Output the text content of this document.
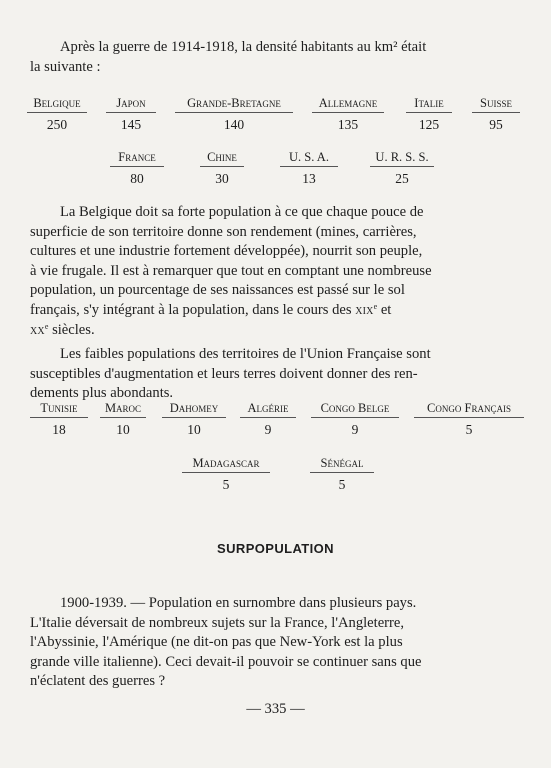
Après la guerre de 1914-1918, la densité habitants au km² était
la suivante :
Belgique
250
Japon
145
Grande-Bretagne
140
Allemagne
135
Italie
125
Suisse
95
France
80
Chine
30
U. S. A.
13
U. R. S. S.
25
La Belgique doit sa forte population à ce que chaque pouce de
superficie de son territoire donne son rendement (mines, carrières,
cultures et une industrie fortement développée), nourrit son peuple,
à vie frugale. Il est à remarquer que tout en comptant une nombreuse
population, un pourcentage de ses naissances est passé sur le sol
français, s'y intégrant à la population, dans le cours des xix$^e$ et
$xx^e$ siècles.
Les faibles populations des territoires de l'Union Française sont
susceptibles d'augmentation et leurs terres doivent donner des ren-
dements plus abondants.
Tunisie
18
Maroc
10
Dahomey
10
Algérie
9
Congo Belge
9
Congo Français
5
Madagascar
5
Sénégal
5
SURPOPULATION
1900-1939. — Population en surnombre dans plusieurs pays.
L'Italie déversait de nombreux sujets sur la France, l'Angleterre,
l'Abyssinie, l'Amérique (ne dit-on pas que New-York est la plus
grande ville italienne). Ceci devait-il pouvoir se continuer sans que
n'éclatent des guerres ?
— 335 —
